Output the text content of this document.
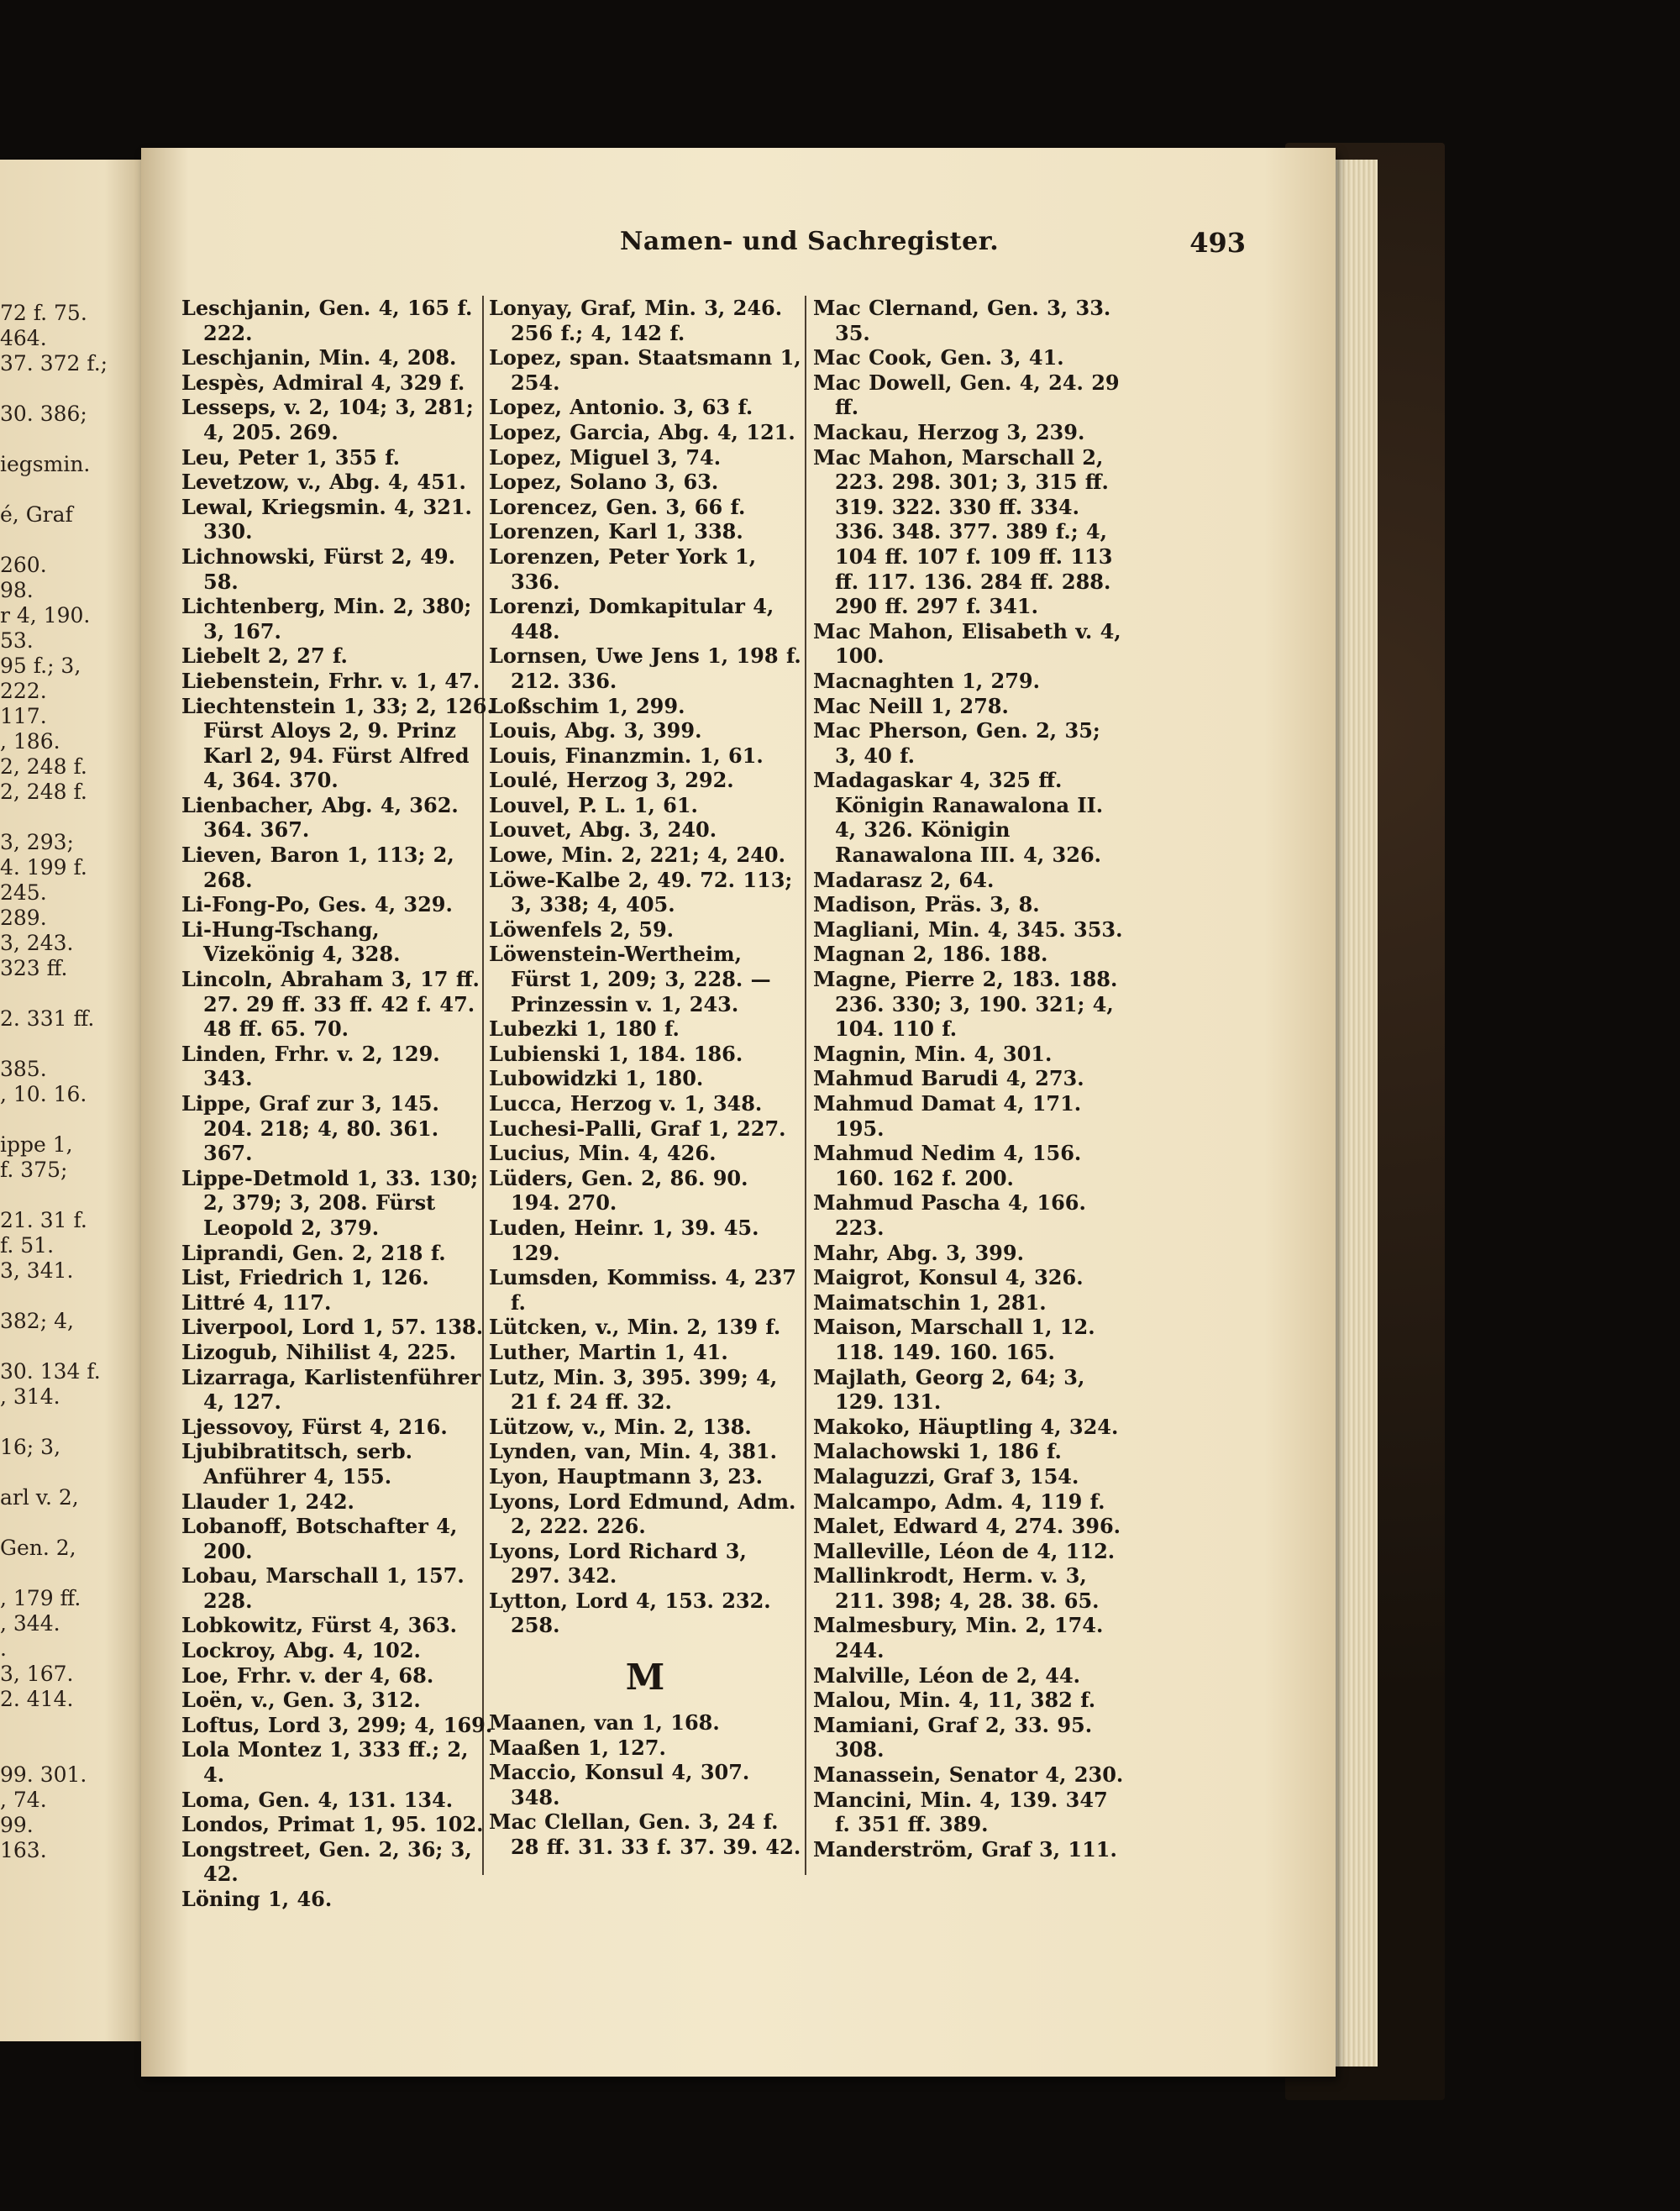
72 f. 75.
464.
37. 372 f.;
30. 386;
iegsmin.
é, Graf
260.
98.
r 4, 190.
53.
95 f.; 3,
222.
117.
, 186.
2, 248 f.
2, 248 f.
3, 293;
4. 199 f.
245.
289.
3, 243.
323 ff.
2. 331 ff.
385.
, 10. 16.
ippe 1,
f. 375;
21. 31 f.
f. 51.
3, 341.
382; 4,
30. 134 f.
, 314.
16; 3,
arl v. 2,
Gen. 2,
, 179 ff.
, 344.
.
3, 167.
2. 414.
99. 301.
, 74.
99.
163.
Namen- und Sachregister.	493
Leschjanin, Gen. 4, 165 f. 222.
Leschjanin, Min. 4, 208.
Lespès, Admiral 4, 329 f.
Lesseps, v. 2, 104; 3, 281; 4, 205. 269.
Leu, Peter 1, 355 f.
Levetzow, v., Abg. 4, 451.
Lewal, Kriegsmin. 4, 321. 330.
Lichnowski, Fürst 2, 49. 58.
Lichtenberg, Min. 2, 380; 3, 167.
Liebelt 2, 27 f.
Liebenstein, Frhr. v. 1, 47.
Liechtenstein 1, 33; 2, 126. Fürst Aloys 2, 9. Prinz Karl 2, 94. Fürst Alfred 4, 364. 370.
Lienbacher, Abg. 4, 362. 364. 367.
Lieven, Baron 1, 113; 2, 268.
Li-Fong-Po, Ges. 4, 329.
Li-Hung-Tschang, Vizekönig 4, 328.
Lincoln, Abraham 3, 17 ff. 27. 29 ff. 33 ff. 42 f. 47. 48 ff. 65. 70.
Linden, Frhr. v. 2, 129. 343.
Lippe, Graf zur 3, 145. 204. 218; 4, 80. 361. 367.
Lippe-Detmold 1, 33. 130; 2, 379; 3, 208. Fürst Leopold 2, 379.
Liprandi, Gen. 2, 218 f.
List, Friedrich 1, 126.
Littré 4, 117.
Liverpool, Lord 1, 57. 138.
Lizogub, Nihilist 4, 225.
Lizarraga, Karlistenführer 4, 127.
Ljessovoy, Fürst 4, 216.
Ljubibratitsch, serb. Anführer 4, 155.
Llauder 1, 242.
Lobanoff, Botschafter 4, 200.
Lobau, Marschall 1, 157. 228.
Lobkowitz, Fürst 4, 363.
Lockroy, Abg. 4, 102.
Loe, Frhr. v. der 4, 68.
Loën, v., Gen. 3, 312.
Loftus, Lord 3, 299; 4, 169.
Lola Montez 1, 333 ff.; 2, 4.
Loma, Gen. 4, 131. 134.
Londos, Primat 1, 95. 102.
Longstreet, Gen. 2, 36; 3, 42.
Löning 1, 46.
Lonyay, Graf, Min. 3, 246. 256 f.; 4, 142 f.
Lopez, span. Staatsmann 1, 254.
Lopez, Antonio. 3, 63 f.
Lopez, Garcia, Abg. 4, 121.
Lopez, Miguel 3, 74.
Lopez, Solano 3, 63.
Lorencez, Gen. 3, 66 f.
Lorenzen, Karl 1, 338.
Lorenzen, Peter York 1, 336.
Lorenzi, Domkapitular 4, 448.
Lornsen, Uwe Jens 1, 198 f. 212. 336.
Loßschim 1, 299.
Louis, Abg. 3, 399.
Louis, Finanzmin. 1, 61.
Loulé, Herzog 3, 292.
Louvel, P. L. 1, 61.
Louvet, Abg. 3, 240.
Lowe, Min. 2, 221; 4, 240.
Löwe-Kalbe 2, 49. 72. 113; 3, 338; 4, 405.
Löwenfels 2, 59.
Löwenstein-Wertheim, Fürst 1, 209; 3, 228. — Prinzessin v. 1, 243.
Lubezki 1, 180 f.
Lubienski 1, 184. 186.
Lubowidzki 1, 180.
Lucca, Herzog v. 1, 348.
Luchesi-Palli, Graf 1, 227.
Lucius, Min. 4, 426.
Lüders, Gen. 2, 86. 90. 194. 270.
Luden, Heinr. 1, 39. 45. 129.
Lumsden, Kommiss. 4, 237 f.
Lütcken, v., Min. 2, 139 f.
Luther, Martin 1, 41.
Lutz, Min. 3, 395. 399; 4, 21 f. 24 ff. 32.
Lützow, v., Min. 2, 138.
Lynden, van, Min. 4, 381.
Lyon, Hauptmann 3, 23.
Lyons, Lord Edmund, Adm. 2, 222. 226.
Lyons, Lord Richard 3, 297. 342.
Lytton, Lord 4, 153. 232. 258.
M
Maanen, van 1, 168.
Maaßen 1, 127.
Maccio, Konsul 4, 307. 348.
Mac Clellan, Gen. 3, 24 f. 28 ff. 31. 33 f. 37. 39. 42.
Mac Clernand, Gen. 3, 33. 35.
Mac Cook, Gen. 3, 41.
Mac Dowell, Gen. 4, 24. 29 ff.
Mackau, Herzog 3, 239.
Mac Mahon, Marschall 2, 223. 298. 301; 3, 315 ff. 319. 322. 330 ff. 334. 336. 348. 377. 389 f.; 4, 104 ff. 107 f. 109 ff. 113 ff. 117. 136. 284 ff. 288. 290 ff. 297 f. 341.
Mac Mahon, Elisabeth v. 4, 100.
Macnaghten 1, 279.
Mac Neill 1, 278.
Mac Pherson, Gen. 2, 35; 3, 40 f.
Madagaskar 4, 325 ff. Königin Ranawalona II. 4, 326. Königin Ranawalona III. 4, 326.
Madarasz 2, 64.
Madison, Präs. 3, 8.
Magliani, Min. 4, 345. 353.
Magnan 2, 186. 188.
Magne, Pierre 2, 183. 188. 236. 330; 3, 190. 321; 4, 104. 110 f.
Magnin, Min. 4, 301.
Mahmud Barudi 4, 273.
Mahmud Damat 4, 171. 195.
Mahmud Nedim 4, 156. 160. 162 f. 200.
Mahmud Pascha 4, 166. 223.
Mahr, Abg. 3, 399.
Maigrot, Konsul 4, 326.
Maimatschin 1, 281.
Maison, Marschall 1, 12. 118. 149. 160. 165.
Majlath, Georg 2, 64; 3, 129. 131.
Makoko, Häuptling 4, 324.
Malachowski 1, 186 f.
Malaguzzi, Graf 3, 154.
Malcampo, Adm. 4, 119 f.
Malet, Edward 4, 274. 396.
Malleville, Léon de 4, 112.
Mallinkrodt, Herm. v. 3, 211. 398; 4, 28. 38. 65.
Malmesbury, Min. 2, 174. 244.
Malville, Léon de 2, 44.
Malou, Min. 4, 11, 382 f.
Mamiani, Graf 2, 33. 95. 308.
Manassein, Senator 4, 230.
Mancini, Min. 4, 139. 347 f. 351 ff. 389.
Manderström, Graf 3, 111.
